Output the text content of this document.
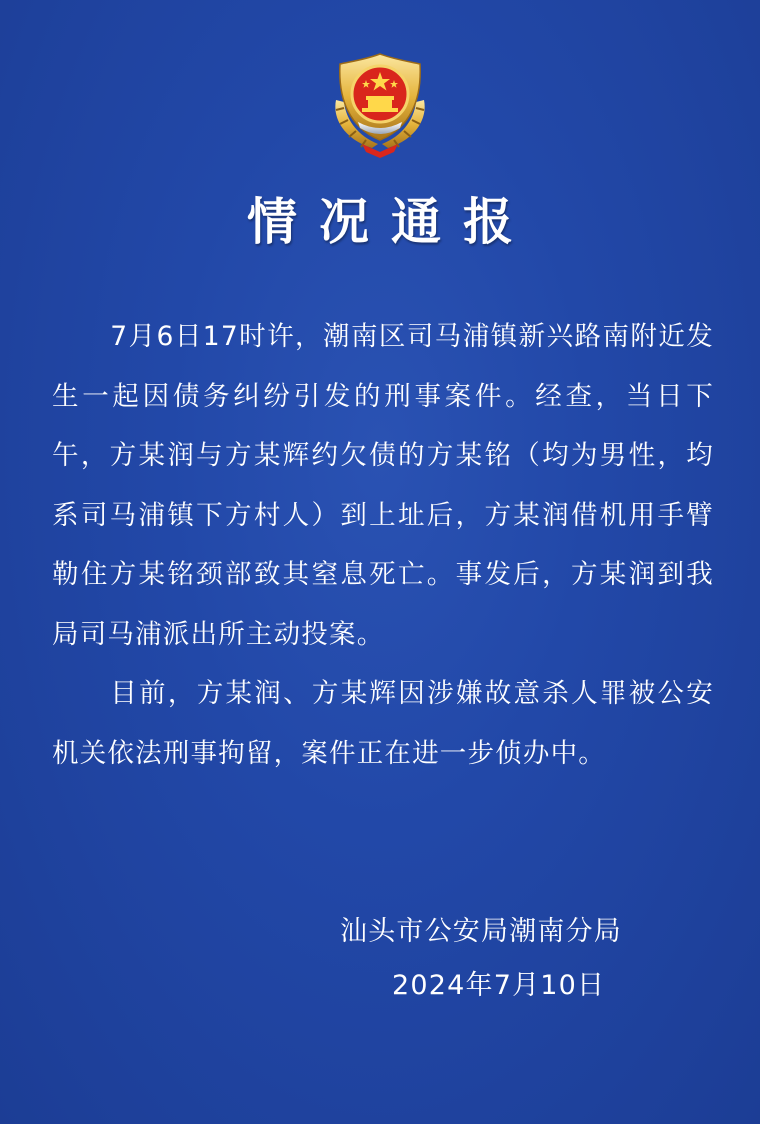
情况通报

7月6日17时许，潮南区司马浦镇新兴路南附近发生一起因债务纠纷引发的刑事案件。经查，当日下午，方某润与方某辉约欠债的方某铭（均为男性，均系司马浦镇下方村人）到上址后，方某润借机用手臂勒住方某铭颈部致其窒息死亡。事发后，方某润到我局司马浦派出所主动投案。

目前，方某润、方某辉因涉嫌故意杀人罪被公安机关依法刑事拘留，案件正在进一步侦办中。

汕头市公安局潮南分局
2024年7月10日
